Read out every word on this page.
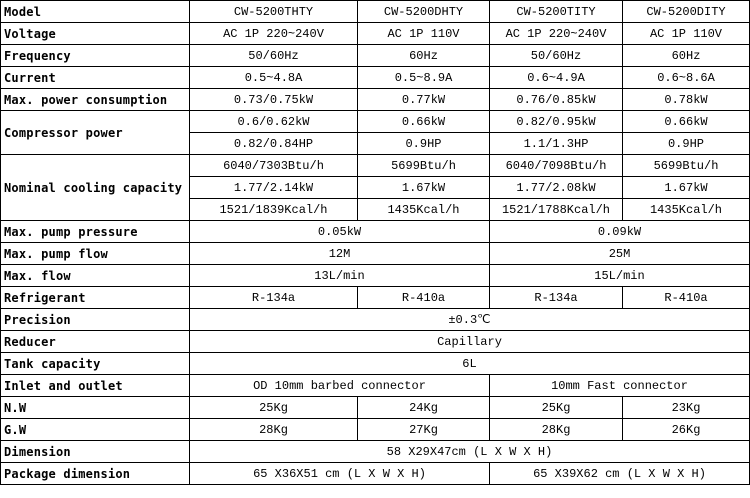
Model	CW-5200THTY	CW-5200DHTY	CW-5200TITY	CW-5200DITY
Voltage	AC 1P 220~240V	AC 1P 110V	AC 1P 220~240V	AC 1P 110V
Frequency	50/60Hz	60Hz	50/60Hz	60Hz
Current	0.5~4.8A	0.5~8.9A	0.6~4.9A	0.6~8.6A
Max. power consumption	0.73/0.75kW	0.77kW	0.76/0.85kW	0.78kW
Compressor power	0.6/0.62kW	0.66kW	0.82/0.95kW	0.66kW
	0.82/0.84HP	0.9HP	1.1/1.3HP	0.9HP
Nominal cooling capacity	6040/7303Btu/h	5699Btu/h	6040/7098Btu/h	5699Btu/h
	1.77/2.14kW	1.67kW	1.77/2.08kW	1.67kW
	1521/1839Kcal/h	1435Kcal/h	1521/1788Kcal/h	1435Kcal/h
Max. pump pressure	0.05kW		0.09kW	
Max. pump flow	12M		25M	
Max. flow	13L/min		15L/min	
Refrigerant	R-134a	R-410a	R-134a	R-410a
Precision	±0.3℃			
Reducer	Capillary			
Tank capacity	6L			
Inlet and outlet	OD 10mm barbed connector		10mm Fast connector	
N.W	25Kg	24Kg	25Kg	23Kg
G.W	28Kg	27Kg	28Kg	26Kg
Dimension	58 X29X47cm (L X W X H)			
Package dimension	65 X36X51 cm (L X W X H)		65 X39X62 cm (L X W X H)	
